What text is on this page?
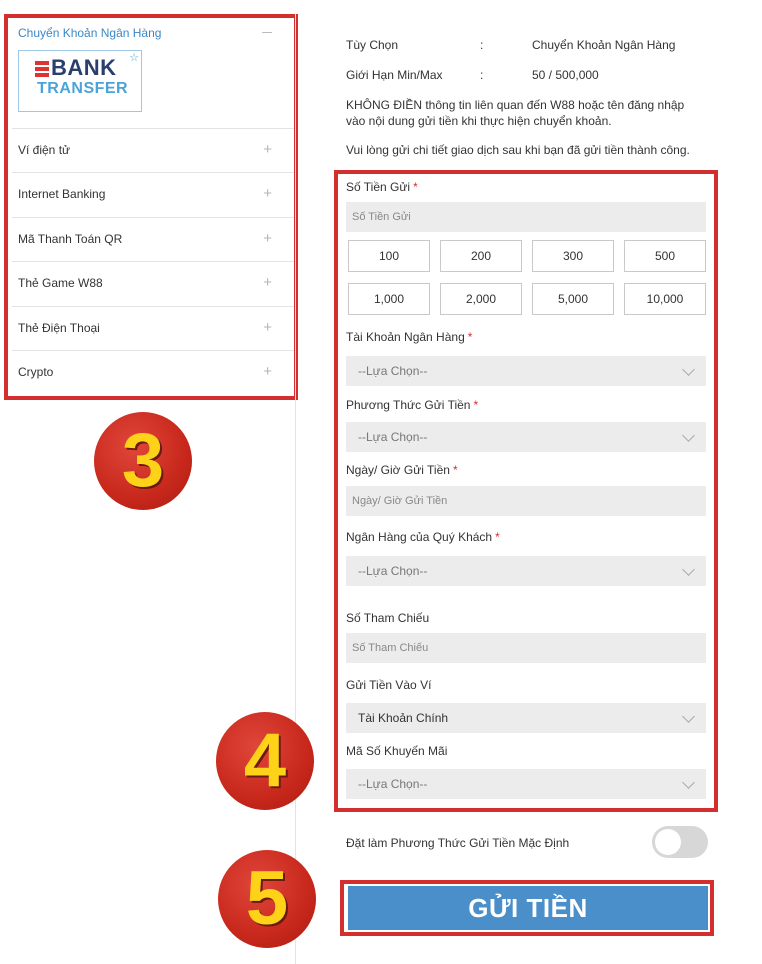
Chuyển Khoản Ngân Hàng
BANK
TRANSFER
☆
Ví điện tử	+
Internet Banking	+
Mã Thanh Toán QR	+
Thẻ Game W88	+
Thẻ Điện Thoại	+
Crypto	+
3
4
5
Tùy Chọn	:	Chuyển Khoản Ngân Hàng
Giới Hạn Min/Max	:	50 / 500,000
KHÔNG ĐIỀN thông tin liên quan đến W88 hoặc tên đăng nhập
vào nội dung gửi tiền khi thực hiện chuyển khoản.
Vui lòng gửi chi tiết giao dịch sau khi bạn đã gửi tiền thành công.
Số Tiền Gửi *
Số Tiền Gửi
100	200	300	500
1,000	2,000	5,000	10,000
Tài Khoản Ngân Hàng *
--Lựa Chọn--
Phương Thức Gửi Tiền *
--Lựa Chọn--
Ngày/ Giờ Gửi Tiền *
Ngày/ Giờ Gửi Tiền
Ngân Hàng của Quý Khách *
--Lựa Chọn--
Số Tham Chiếu
Số Tham Chiếu
Gửi Tiền Vào Ví
Tài Khoản Chính
Mã Số Khuyến Mãi
--Lựa Chọn--
Đặt làm Phương Thức Gửi Tiền Mặc Định
GỬI TIỀN
